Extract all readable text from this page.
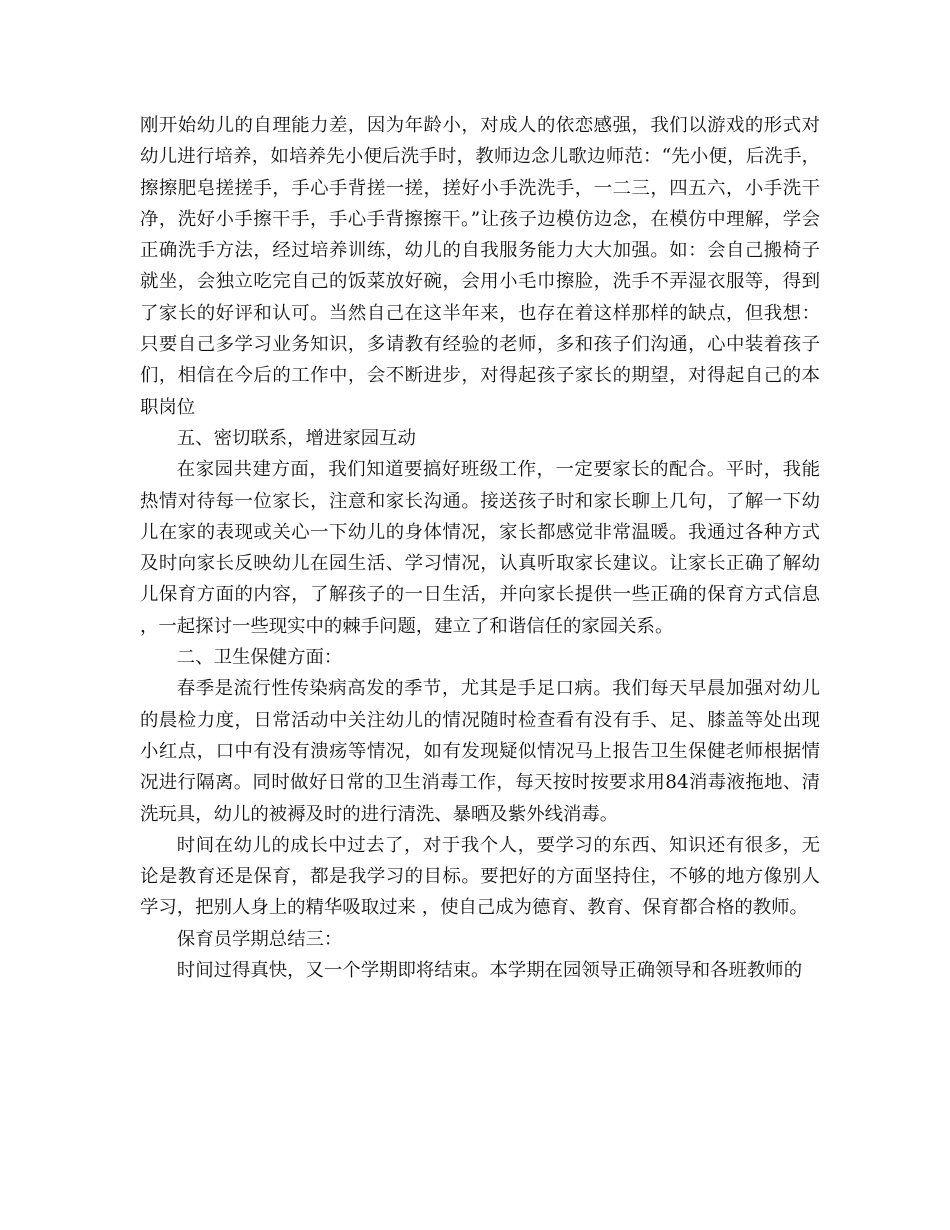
刚开始幼儿的自理能力差，因为年龄小，对成人的依恋感强，我们以游戏的形式对幼儿进行培养，如培养先小便后洗手时，教师边念儿歌边师范：“先小便，后洗手，擦擦肥皂搓搓手，手心手背搓一搓，搓好小手洗洗手，一二三，四五六，小手洗干净，洗好小手擦干手，手心手背擦擦干。”让孩子边模仿边念，在模仿中理解，学会正确洗手方法，经过培养训练，幼儿的自我服务能力大大加强。如：会自己搬椅子就坐，会独立吃完自己的饭菜放好碗，会用小毛巾擦脸，洗手不弄湿衣服等，得到了家长的好评和认可。当然自己在这半年来，也存在着这样那样的缺点，但我想：只要自己多学习业务知识，多请教有经验的老师，多和孩子们沟通，心中装着孩子们，相信在今后的工作中，会不断进步，对得起孩子家长的期望，对得起自己的本职岗位

五、密切联系，增进家园互动

在家园共建方面，我们知道要搞好班级工作，一定要家长的配合。平时，我能热情对待每一位家长，注意和家长沟通。接送孩子时和家长聊上几句，了解一下幼儿在家的表现或关心一下幼儿的身体情况，家长都感觉非常温暖。我通过各种方式及时向家长反映幼儿在园生活、学习情况，认真听取家长建议。让家长正确了解幼儿保育方面的内容，了解孩子的一日生活，并向家长提供一些正确的保育方式信息，一起探讨一些现实中的棘手问题，建立了和谐信任的家园关系。

二、卫生保健方面：

春季是流行性传染病高发的季节，尤其是手足口病。我们每天早晨加强对幼儿的晨检力度，日常活动中关注幼儿的情况随时检查看有没有手、足、膝盖等处出现小红点，口中有没有溃疡等情况，如有发现疑似情况马上报告卫生保健老师根据情况进行隔离。同时做好日常的卫生消毒工作，每天按时按要求用84消毒液拖地、清洗玩具，幼儿的被褥及时的进行清洗、暴晒及紫外线消毒。

时间在幼儿的成长中过去了，对于我个人，要学习的东西、知识还有很多，无论是教育还是保育，都是我学习的目标。要把好的方面坚持住，不够的地方像别人学习，把别人身上的精华吸取过来 ，使自己成为德育、教育、保育都合格的教师。

保育员学期总结三：

时间过得真快，又一个学期即将结束。本学期在园领导正确领导和各班教师的
